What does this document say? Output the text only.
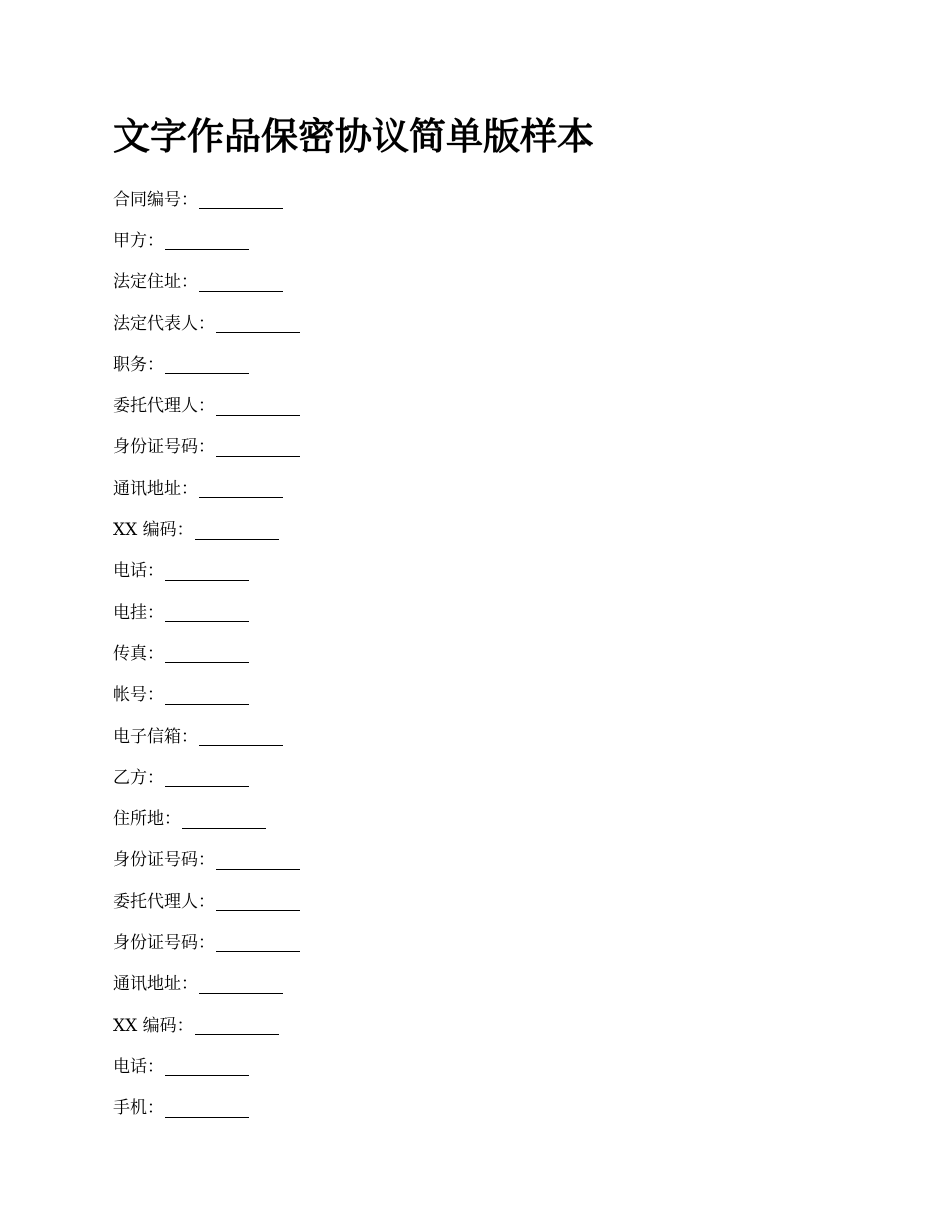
文字作品保密协议简单版样本
合同编号：
甲方：
法定住址：
法定代表人：
职务：
委托代理人：
身份证号码：
通讯地址：
XX 编码：
电话：
电挂：
传真：
帐号：
电子信箱：
乙方：
住所地：
身份证号码：
委托代理人：
身份证号码：
通讯地址：
XX 编码：
电话：
手机：
